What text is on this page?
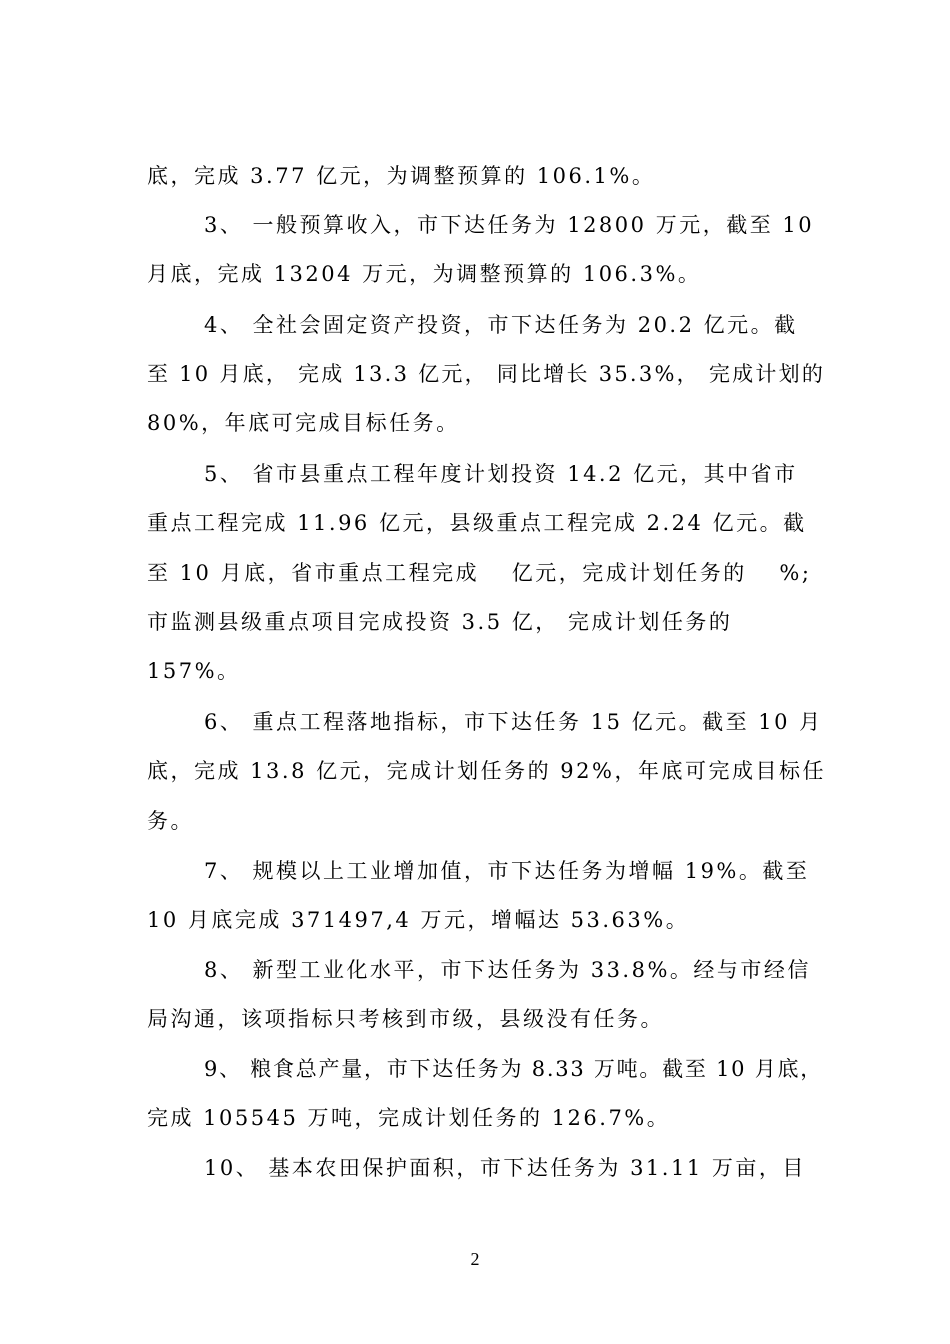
底，完成 3.77 亿元，为调整预算的 106.1%。
3、 一般预算收入，市下达任务为 12800 万元，截至 10
月底，完成 13204 万元，为调整预算的 106.3%。
4、 全社会固定资产投资，市下达任务为 20.2 亿元。截
至 10 月底， 完成 13.3 亿元， 同比增长 35.3%， 完成计划的
80%，年底可完成目标任务。
5、 省市县重点工程年度计划投资 14.2 亿元，其中省市
重点工程完成 11.96 亿元，县级重点工程完成 2.24 亿元。截
至 10 月底，省市重点工程完成　 亿元，完成计划任务的　 %;
市监测县级重点项目完成投资 3.5 亿， 完成计划任务的
157%。
6、 重点工程落地指标，市下达任务 15 亿元。截至 10 月
底，完成 13.8 亿元，完成计划任务的 92%，年底可完成目标任
务。
7、 规模以上工业增加值，市下达任务为增幅 19%。截至
10 月底完成 371497,4 万元，增幅达 53.63%。
8、 新型工业化水平，市下达任务为 33.8%。经与市经信
局沟通，该项指标只考核到市级，县级没有任务。
9、 粮食总产量，市下达任务为 8.33 万吨。截至 10 月底，
完成 105545 万吨，完成计划任务的 126.7%。
10、 基本农田保护面积，市下达任务为 31.11 万亩，目
2
